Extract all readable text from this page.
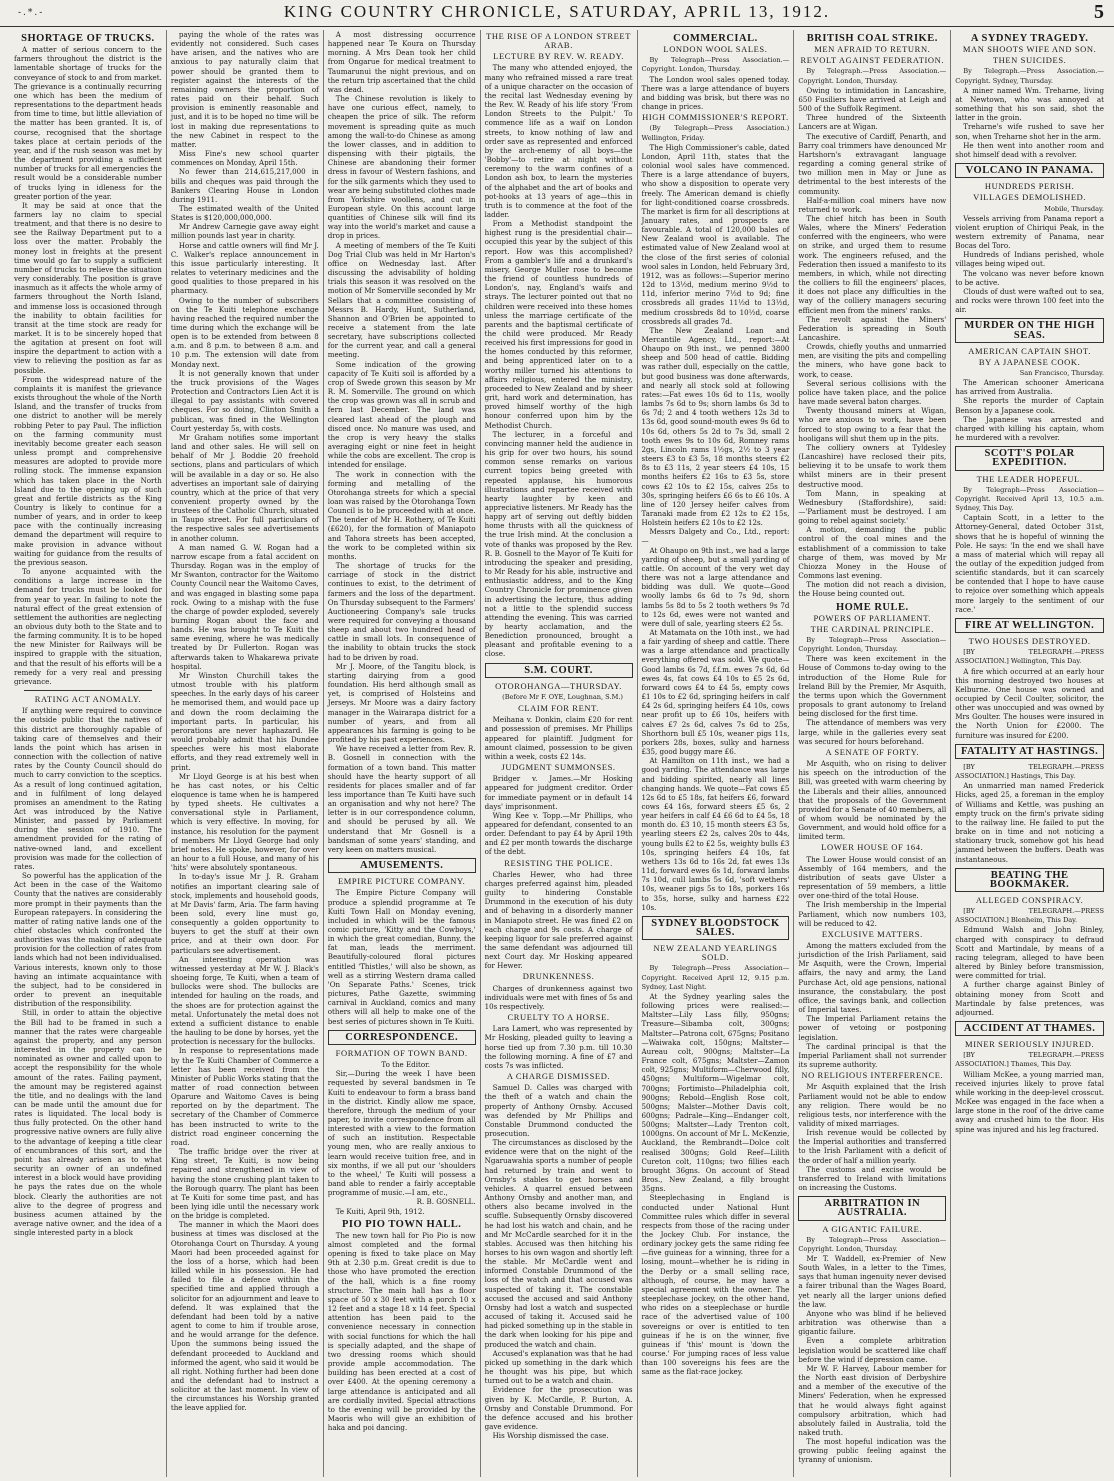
-.*.-	KING COUNTRY CHRONICLE, SATURDAY, APRIL 13, 1912.	5
SHORTAGE OF TRUCKS.

A matter of serious concern to the farmers throughout the district is the lamentable shortage of trucks for the conveyance of stock to and from market. The grievance is a continually recurring one which has been the medium of representations to the department heads from time to time, but little alleviation of the matter has been granted. It is, of course, recognised that the shortage takes place at certain periods of the year, and if the rush season was met by the department providing a sufficient number of trucks for all emergencies the result would be a considerable number of trucks lying in idleness for the greater portion of the year.

It may be said at once that the farmers lay no claim to special treatment, and that there is no desire to see the Railway Department put to a loss over the matter. Probably the money lost in freights at the present time would go far to supply a sufficient number of trucks to relieve the situation very considerably. The position is grave inasmuch as it affects the whole army of farmers throughout the North Island, and immense loss is occasioned through the inability to obtain facilities for transit at the time stock are ready for market. It is to be sincerely hoped that the agitation at present on foot will inspire the department to action with a view to relieving the position as far as possible.

From the widespread nature of the complaints it is manifest the grievance exists throughout the whole of the North Island, and the transfer of trucks from one district to another will be merely robbing Peter to pay Paul. The infliction on the farming community must inevitably become greater each season unless prompt and comprehensive measures are adopted to provide more rolling stock. The immense expansion which has taken place in the North Island due to the opening up of such great and fertile districts as the King Country is likely to continue for a number of years, and in order to keep pace with the continually increasing demand the department will require to make provision in advance without waiting for guidance from the results of the previous season.

To anyone acquainted with the conditions a large increase in the demand for trucks must be looked for from year to year. In failing to note the natural effect of the great extension of settlement the authorities are neglecting an obvious duty both to the State and to the farming community. It is to be hoped the new Minister for Railways will be inspired to grapple with the situation, and that the result of his efforts will be a remedy for a very real and pressing grievance.

RATING ACT ANOMALY.

If anything were required to convince the outside public that the natives of this district are thoroughly capable of taking care of themselves and their lands the point which has arisen in connection with the collection of native rates by the County Council should do much to carry conviction to the sceptics. As a result of long continued agitation, and in fulfilment of long delayed promises an amendment to the Rating Act was introduced by the Native Minister, and passed by Parliament during the session of 1910. The amendment provided for the rating of native-owned land, and excellent provision was made for the collection of rates.

So powerful has the application of the Act been in the case of the Waitomo County that the natives are considerably more prompt in their payments than the European ratepayers. In considering the matter of rating native lands one of the chief obstacles which confronted the authorities was the making of adequate provision for the collection of rates from lands which had not been individualised. Various interests, known only to those having an intimate acquaintance with the subject, had to be considered in order to prevent an inequitable distribution of the responsibility.

Still, in order to attain the objective the Bill had to be framed in such a manner that the rates were chargeable against the property, and any person interested in the property can be nominated as owner and called upon to accept the responsibility for the whole amount of the rates. Failing payment, the amount may be registered against the title, and no dealings with the land can be made until the amount due for rates is liquidated. The local body is thus fully protected. On the other hand progressive native owners are fully alive to the advantage of keeping a title clear of encumbrances of this sort, and the point has already arisen as to what security an owner of an undefined interest in a block would have providing he pays the rates due on the whole block. Clearly the authorities are not alive to the degree of progress and business acumen attained by the average native owner, and the idea of a single interested party in a block

paying the whole of the rates was evidently not considered. Such cases have arisen, and the natives who are anxious to pay naturally claim that power should be granted them to register against the interests of the remaining owners the proportion of rates paid on their behalf. Such provision is eminently reasonable and just, and it is to be hoped no time will be lost in making due representations to the new Cabinet in respect to the matter.

Miss Fine's new school quarter commences on Monday, April 15th.

No fewer than 214,615,217,000 in bills and cheques was paid through the Bankers Clearing House in London during 1911.

The estimated wealth of the United States is $120,000,000,000.

Mr Andrew Carnegie gave away eight million pounds last year in charity.

Horse and cattle owners will find Mr J. C. Walker's replace announcement in this issue particularly interesting. It relates to veterinary medicines and the good qualities to those prepared in his pharmacy.

Owing to the number of subscribers on the Te Kuiti telephone exchange having reached the required number the time during which the exchange will be open is to be extended from between 8 a.m. and 8 p.m. to between 8 a.m. and 10 p.m. The extension will date from Monday next.

It is not generally known that under the truck provisions of the Wages Protection and Contractors Lien Act it is illegal to pay assistants with covered cheques. For so doing, Clinton Smith a publican, was fined in the Wellington Court yesterday 5s, with costs.

Mr Graham notifies some important land and other sales. He will sell on behalf of Mr J. Boddie 20 freehold sections, plans and particulars of which will be available in a day or so. He also advertises an important sale of dairying country, which at the price of that very convenient property owned by the trustees of the Catholic Church, situated in Taupo street. For full particulars of the respective sales see advertisements in another column.

A man named G. W. Rogan had a narrow escape from a fatal accident on Thursday. Rogan was in the employ of Mr Swanton, contractor for the Waitomo County Council near the Waitomo Caves, and was engaged in blasting some papa rock. Owing to a mishap with the fuse the charge of powder exploded, severely burning Rogan about the face and hands. He was brought to Te Kuiti the same evening, where he was medically treated by Dr Fullerton. Rogan was afterwards taken to Whakarewa private hospital.

Mr Winston Churchill takes the utmost trouble with his platform speeches. In the early days of his career he memorised them, and would pace up and down the room declaiming the important parts. In particular, his perorations are never haphazard. He would probably admit that his Dundee speeches were his most elaborate efforts, and they read extremely well in print.

Mr Lloyd George is at his best when he has cast notes, or his Celtic eloquence is tame when he is hampered by typed sheets. He cultivates a conversational style in Parliament, which is very effective. In moving, for instance, his resolution for the payment of members Mr Lloyd George had only brief notes. He spoke, however, for over an hour to a full House, and many of his 'hits' were absolutely spontaneous.

In to-day's issue Mr J. R. Graham notifies an important clearing sale of stock, implements and household goods, at Mr Davis' farm, Aria. The farm having been sold, every line must go, consequently a golden opportunity to buyers to get the stuff at their own price, and at their own door. For particulars see advertisement.

An interesting operation was witnessed yesterday at Mr W. J. Black's shoeing forge, Te Kuiti, when a team of bullocks were shod. The bullocks are intended for hauling on the roads, and the shoes are for protection against the metal. Unfortunately the metal does not extend a sufficient distance to enable the hauling to be done by horses, yet the protection is necessary for the bullocks.

In response to representations made by the Te Kuiti Chamber of Commerce a letter has been received from the Minister of Public Works stating that the matter of road connection between Oparure and Waitomo Caves is being reported on by the department. The secretary of the Chamber of Commerce has been instructed to write to the district road engineer concerning the road.

The traffic bridge over the river at King street, Te Kuiti, is now being repaired and strengthened in view of having the stone crushing plant taken to the Borough quarry. The plant has been at Te Kuiti for some time past, and has been lying idle until the necessary work on the bridge is completed.

The manner in which the Maori does business at times was disclosed at the Otorohanga Court on Thursday. A young Maori had been proceeded against for the loss of a horse, which had been killed while in his possession. He had failed to file a defence within the specified time and applied through a solicitor for an adjournment and leave to defend. It was explained that the defendant had been told by a native agent to come to him if trouble arose, and he would arrange for the defence. Upon the summons being issued the defendant proceeded to Auckland and informed the agent, who said it would be all right. Nothing further had been done and the defendant had to instruct a solicitor at the last moment. In view of the circumstances his Worship granted the leave applied for.

A most distressing occurrence happened near Te Koura on Thursday morning. A Mrs Dean took her child from Ongarue for medical treatment to Taumarunui the night previous, and on the return trip ascertained that the child was dead.

The Chinese revolution is likely to have one curious effect, namely, to cheapen the price of silk. The reform movement is spreading quite as much among the wall-to-do Chinese as among the lower classes, and in addition to dispensing with their pigtails, the Chinese are abandoning their former dress in favour of Western fashions, and for the silk garments which they used to wear are being substituted clothes made from Yorkshire woollens, and cut in European style. On this account large quantities of Chinese silk will find its way into the world's market and cause a drop in prices.

A meeting of members of the Te Kuiti Dog Trial Club was held in Mr Harton's office on Wednesday last. After discussing the advisability of holding trials this season it was resolved on the motion of Mr Somerville seconded by Mr Sellars that a committee consisting of Messrs B. Hardy, Hunt, Sutherland, Shannon and O'Brien be appointed to receive a statement from the late secretary, have subscriptions collected for the current year, and call a general meeting.

Some indication of the growing capacity of Te Kuiti soil is afforded by a crop of Swede grown this season by Mr R. M. Somerville. The ground on which the crop was grown was all in scrub and fern last December. The land was cleared last ahead of the plough and disced once. No manure was used, and the crop is very heavy the stalks averaging eight or nine feet in height while the cobs are excellent. The crop is intended for ensilage.

The work in connection with the forming and metalling of the Otorohanga streets for which a special loan was raised by the Otorohanga Town Council is to be proceeded with at once. The tender of Mr H. Rothery, of Te Kuiti (£620), for the formation of Maniapoto and Tahora streets has been accepted, the work to be completed within six months.

The shortage of trucks for the carriage of stock in the district continues to exist, to the detriment of farmers and the loss of the department. On Thursday subsequent to the Farmers' Auctioneering Company's sale trucks were required for conveying a thousand sheep and about two hundred head of cattle in small lots. In consequence of the inability to obtain trucks the stock had to be driven by road.

Mr J. Moore, of the Tangitu block, is starting dairying from a good foundation. His herd although small as yet, is comprised of Holsteins and Jerseys. Mr Moore was a dairy factory manager in the Wairarapa district for a number of years, and from all appearances his farming is going to be profited by his past experiences.

We have received a letter from Rev. R. B. Gosnell in connection with the formation of a town band. This matter should have the hearty support of all residents for places smaller and of far less importance than Te Kuiti have such an organisation and why not here? The letter is in our correspondence column, and should be perused by all. We understand that Mr Gosnell is a bandsman of some years' standing, and very keen on matters musical.

AMUSEMENTS.
EMPIRE PICTURE COMPANY.

The Empire Picture Company will produce a splendid programme at Te Kuiti Town Hall on Monday evening, included in which will be the famous comic picture, 'Kitty and the Cowboys,' in which the great comedian, Bunny, the fat man, leads the merriment. Beautifully-coloured floral pictures entitled 'Thistles,' will also be shown, as well as a stirring Western drama called 'On Separate Paths.' Scenes, trick pictures, Pathe Gazette, swimming carnival in Auckland, comics and many others will all help to make one of the best series of pictures shown in Te Kuiti.

CORRESPONDENCE.
FORMATION OF TOWN BAND.

To the Editor.

Sir,—During the week I have been requested by several bandsmen in Te Kuiti to endeavour to form a brass band in the district. Kindly allow me space, therefore, through the medium of your paper, to invite correspondence from all interested with a view to the formation of such an institution. Respectable young men, who are really anxious to learn would receive tuition free, and in six months, if we all put our 'shoulders to the wheel,' Te Kuiti will possess a band able to render a fairly acceptable programme of music.—I am, etc.,

R. B. GOSNELL.

Te Kuiti, April 9th, 1912.

PIO PIO TOWN HALL.

The new town hall for Pio Pio is now almost completed and the formal opening is fixed to take place on May 9th at 2.30 p.m. Great credit is due to those who have promoted the erection of the hall, which is a fine roomy structure. The main hall has a floor space of 50 x 30 feet with a porch 10 x 12 feet and a stage 18 x 14 feet. Special attention has been paid to the convenience necessary in connection with social functions for which the hall is specially adapted, and the shape of two dressing rooms which should provide ample accommodation. The building has been erected at a cost of over £400. At the opening ceremony a large attendance is anticipated and all are cordially invited. Special attractions to the evening will be provided by the Maoris who will give an exhibition of haka and poi dancing.

THE RISE OF A LONDON STREET ARAB.
LECTURE BY REV. W. READY.

The many who attended enjoyed, the many who refrained missed a rare treat of a unique character on the occasion of the recital last Wednesday evening by the Rev. W. Ready of his life story 'From London Streets to the Pulpit.' To commence life as a waif on London streets, to know nothing of law and order save as represented and enforced by the arch-enemy of all boys—the 'Bobby'—to retire at night without ceremony to the warm confines of a London ash box, to learn the mysteries of the alphabet and the art of books and pot-hooks at 13 years of age—this in truth is to commence at the foot of the ladder.

From a Methodist standpoint the highest rung is the presidential chair—occupied this year by the subject of this report. How was this accomplished? From a gambler's life and a drunkard's misery, George Muller rose to become the friend of countless hundreds of London's, nay, England's waifs and strays. The lecturer pointed out that no children were received into these homes unless the marriage certificate of the parents and the baptismal certificate of the child were produced. Mr Ready received his first impressions for good in the homes conducted by this reformer, and being apprenticed later on to a worthy miller turned his attentions to affairs religious, entered the ministry, proceeded to New Zealand and by sheer grit, hard work and determination, has proved himself worthy of the high honour conferred upon him by the Methodist Church.

The lecturer, in a forceful and convincing manner held the audience in his grip for over two hours, his sound common sense remarks on various current topics being greeted with repeated applause, his humorous illustrations and repartee received with hearty laughter by keen and appreciative listeners. Mr Ready has the happy art of serving out deftly bidden home thrusts with all the quickness of the true Irish mind. At the conclusion a vote of thanks was proposed by the Rev. R. B. Gosnell to the Mayor of Te Kuiti for introducing the speaker and presiding, to Mr Ready for his able, instructive and enthusiastic address, and to the King Country Chronicle for prominence given in advertising the lecture, thus adding not a little to the splendid success attending the evening. This was carried by hearty acclamation, and the Benediction pronounced, brought a pleasant and profitable evening to a close.

S.M. COURT.
OTOROHANGA—THURSDAY.

(Before Mr F. OYE, Loughnan, S.M.)

CLAIM FOR RENT.

Meihana v. Donkin, claim £20 for rent and possession of premises. Mr Phillips appeared for plaintiff. Judgment for amount claimed, possession to be given within a week, costs £2 14s.

JUDGMENT SUMMONSES.

Bridger v. James.—Mr Hosking appeared for judgment creditor. Order for immediate payment or in default 14 days' imprisonment.

Wing Kee v. Topp.—Mr Phillips, who appeared for defendant, consented to an order. Defendant to pay £4 by April 19th and £2 per month towards the discharge of the debt.

RESISTING THE POLICE.

Charles Hewer, who had three charges preferred against him, pleaded guilty to hindering Constable Drummond in the execution of his duty and of behaving in a disorderly manner in Maniapoto street. He was fined £2 on each charge and 9s costs. A charge of keeping liquor for sale preferred against the same defendant was adjourned till next Court day. Mr Hosking appeared for Hewer.

DRUNKENNESS.

Charges of drunkenness against two individuals were met with fines of 5s and 10s respectively.

CRUELTY TO A HORSE.

Lara Lamert, who was represented by Mr Hosking, pleaded guilty to leaving a horse tied up from 7.30 p.m. till 10.30 the following morning. A fine of £7 and costs 7s was inflicted.

A CHARGE DISMISSED.

Samuel D. Calles was charged with the theft of a watch and chain the property of Anthony Ornsby. Accused was defended by Mr Phillips and Constable Drummond conducted the prosecution.

The circumstances as disclosed by the evidence were that on the night of the Ngaruawahia sports a number of people had returned by train and went to Ornsby's stables to get horses and vehicles. A quarrel ensued between Anthony Ornsby and another man, and others also became involved in the scuffle. Subsequently Ornsby discovered he had lost his watch and chain, and he and Mr McCardle searched for it in the stables. Accused was then hitching his horses to his own wagon and shortly left the stable. Mr McCardle went and informed Constable Drummond of the loss of the watch and that accused was suspected of taking it. The constable accused the accused and said Anthony Ornsby had lost a watch and suspected accused of taking it. Accused said he had picked something up in the stable in the dark when looking for his pipe and produced the watch and chain.

Accused's explanation was that he had picked up something in the dark which he thought was his pipe, but which turned out to be a watch and chain.

Evidence for the prosecution was given by K. McCardle, P. Burton, A. Ornsby and Constable Drummond. For the defence accused and his brother gave evidence.

His Worship dismissed the case.

COMMERCIAL.
LONDON WOOL SALES.

By Telegraph—Press Association.—Copyright. London, Thursday.

The London wool sales opened today. There was a large attendance of buyers and bidding was brisk, but there was no change in prices.

HIGH COMMISSIONER'S REPORT.

(By Telegraph—Press Association.) Wellington, Friday.

The High Commissioner's cable, dated London, April 11th, states that the colonial wool sales have commenced. There is a large attendance of buyers, who show a disposition to operate very freely. The American demand is chiefly for light-conditioned coarse crossbreds. The market is firm for all descriptions at January rates, and prospects are favourable. A total of 120,000 bales of New Zealand wool is available. The estimated value of New Zealand wool at the close of the first series of colonial wool sales in London, held February 3rd, 1912, was as follows:—Superior merino 12d to 13½d, medium merino 9½d to 11d, inferior merino 7½d to 9d; fine crossbreds all grades 11½d to 13½d, medium crossbreds 8d to 10½d, coarse crossbreds all grades 7d.

The New Zealand Loan and Mercantile Agency, Ltd., report:—At Ohaupo on 9th inst., we penned 3800 sheep and 500 head of cattle. Bidding was rather dull, especially on the cattle, but good business was done afterwards, and nearly all stock sold at following rates:—Fat ewes 10s 6d to 11s, woolly lambs 7s 6d to 9s; shorn lambs 6s 3d to 6s 7d; 2 and 4 tooth wethers 12s 3d to 13s 6d, good sound-mouth ewes 9s 6d to 10s 6d, others 5s 2d to 7s 3d, small 2 tooth ewes 9s to 10s 6d, Romney rams 2gs, Lincoln rams 1½gs, 2½ to 3 year steers £3 to £3 5s, 18 months steers £2 8s to £3 11s, 2 year steers £4 10s, 15 months heifers £2 16s to £3 5s, store cows £2 10s to £2 15s, calves 25s to 30s, springing heifers £6 6s to £6 10s. A line of 120 Jersey heifer calves from Taranaki made from £2 12s to £2 15s, Holstein heifers £2 10s to £2 12s.

Messrs Dalgety and Co., Ltd., report:—

At Ohaupo on 9th inst., we had a large yarding of sheep, but a small yarding of cattle. On account of the very wet day there was not a large attendance and bidding was dull. We quote—Good woolly lambs 6s 6d to 7s 9d, shorn lambs 5s 8d to 5s 2 tooth wethers 9s 7d to 12s 6d, ewes were not wanted and were dull of sale, yearling steers £2 5s.

At Matamata on the 10th inst., we had a fair yarding of sheep and cattle. There was a large attendance and practically everything offered was sold. We quote—Good lambs 6s 7d, f.f.m. ewes 7s 6d, 6d ewes 4s, fat cows £4 10s to £5 2s 6d, forward cows £4 to £4 5s, empty cows £1 10s to £2 6d, springing heifers in calf £4 2s 6d, springing heifers £4 10s, cows near profit up to £6 10s, heifers with calves £7 2s 6d, calves 7s 6d to 25s, Shorthorn bull £5 10s, weaner pigs 11s, porkers 28s, boxes, sulky and harness £35, good buggy mare £6.

At Hamilton on 11th inst., we had a good yarding. The attendance was large and bidding spirited, nearly all lines changing hands. We quote—Fat cows £5 12s 6d to £5 18s, fat heifers £6, forward cows £4 16s, forward steers £5 6s, 2 year heifers in calf £4 £6 6d to £4 5s, 18 month do. £3 10, 15 month steers £3 5s, yearling steers £2 2s, calves 20s to 44s, young bulls £2 to £2 5s, weighty bulls £3 10s, springing heifers £4 10s, fat wethers 13s 6d to 16s 2d, fat ewes 13s 11d, forward ewes 6s 1d, forward lambs 7s 10d, cull lambs 5s 6d, 'soft wethers' 10s, weaner pigs 5s to 18s, porkers 16s to 35s, horse, sulky and harness £22 10s.

SYDNEY BLOODSTOCK SALES.
NEW ZEALAND YEARLINGS SOLD.

By Telegraph—Press Association—Copyright. Received April 12, 9.15 p.m. Sydney, Last Night.

At the Sydney yearling sales the following prices were realised:—Maltster—Lily Lass filly, 950gns; Treasure—Sibamba colt, 300gns; Maltster—Patrona colt, 675gns; Positano—Waiwaka colt, 150gns; Maltster—Aureau colt, 900gns; Maltster—La France colt, 675gns; Maltster—Zamon colt, 925gns; Multiform—Cherwood filly, 450gns; Multiform—Wigelmar colt, 700gns; Fortimisto—Philadelphia colt, 900gns; Rebold—English Rose colt, 500gns; Malster—Mother Davis colt, 600gns; Padrale—King—Endanger colt, 500gns; Maltster—Lady Trenton colt, 1000gns. On account of Mr L. McKenzie, Auckland, the Rembrandt—Dolce colt realised 300gns; Gold Reef—Lilith Cureton colt, 110gns; two fillies each brought 36gns. On account of Stead Bros., New Zealand, a filly brought 35gns.

Steeplechasing in England is conducted under National Hunt Committee rules which differ in several respects from those of the racing under the Jockey Club. For instance, the ordinary jockey gets the same riding fee—five guineas for a winning, three for a losing, mount—whether he is riding in the Derby or a small selling race, although, of course, he may have a special agreement with the owner. The steeplechase jockey, on the other hand, who rides on a steeplechase or hurdle race of the advertised value of 100 sovereigns or over is entitled to ten guineas if he is on the winner, five guineas if 'this' mount is 'down the course.' For jumping races of less value than 100 sovereigns his fees are the same as the flat-race jockey.

BRITISH COAL STRIKE.
MEN AFRAID TO RETURN.
REVOLT AGAINST FEDERATION.

By Telegraph.—Press Association.—Copyright. London, Thursday.

Owing to intimidation in Lancashire, 650 Fusiliers have arrived at Leigh and 500 of the Suffolk Regiment.

Three hundred of the Sixteenth Lancers are at Wigan.

The executive of Cardiff, Penarth, and Barry coal trimmers have denounced Mr Hartshorn's extravagant language regarding a coming general strike of two million men in May or June as detrimental to the best interests of the community.

Half-a-million coal miners have now returned to work.

The chief hitch has been in South Wales, where the Miners' Federation conferred with the engineers, who were on strike, and urged them to resume work. The engineers refused, and the Federation then issued a manifesto to its members, in which, while not directing the colliers to fill the engineers' places, it does not place any difficulties in the way of the colliery managers securing efficient men from the miners' ranks.

The revolt against the Miners' Federation is spreading in South Lancashire.

Crowds, chiefly youths and unmarried men, are visiting the pits and compelling the miners, who have gone back to work, to cease.

Several serious collisions with the police have taken place, and the police have made several baton charges.

Twenty thousand miners at Wigan, who are anxious to work, have been forced to stop owing to a fear that the hooligans will shut them up in the pits.

The colliery owners at Tyldesley (Lancashire) have reclosed their pits, believing it to be unsafe to work them whilst miners are in their present destructive mood.

Tom Mann, in speaking at Wednesbury (Staffordshire), said:—'Parliament must be destroyed. I am going to rebel against society.'

A motion, demanding the public control of the coal mines and the establishment of a commission to take charge of them, was moved by Mr Chiozza Money in the House of Commons last evening.

The motion did not reach a division, the House being counted out.

HOME RULE.
POWERS OF PARLIAMENT.
THE CARDINAL PRINCIPLE.

By Telegraph—Press Association—Copyright. London, Thursday.

There was keen excitement in the House of Commons to-day owing to the introduction of the Home Rule for Ireland Bill by the Premier, Mr Asquith, the terms upon which the Government proposals to grant autonomy to Ireland being disclosed for the first time.

The attendance of members was very large, while in the galleries every seat was secured for hours beforehand.

A SENATE OF FORTY.

Mr Asquith, who on rising to deliver his speech on the introduction of the Bill, was greeted with warm cheering by the Liberals and their allies, announced that the proposals of the Government provided for a Senate of 40 members, all of whom would be nominated by the Government, and would hold office for a limited term.

LOWER HOUSE OF 164.

The Lower House would consist of an Assembly of 164 members, and the distribution of seats gave Ulster a representation of 59 members, a little over one-third of the total House.

The Irish membership in the Imperial Parliament, which now numbers 103, will be reduced to 42.

EXCLUSIVE MATTERS.

Among the matters excluded from the jurisdiction of the Irish Parliament, said Mr Asquith, were the Crown, Imperial affairs, the navy and army, the Land Purchase Act, old age pensions, national insurance, the constabulary, the post office, the savings bank, and collection of Imperial taxes.

The Imperial Parliament retains the power of vetoing or postponing legislation.

The cardinal principal is that the Imperial Parliament shall not surrender its supreme authority.

NO RELIGIOUS INTERFERENCE.

Mr Asquith explained that the Irish Parliament would not be able to endow any religion. There would be no religious tests, nor interference with the validity of mixed marriages.

Irish revenue would be collected by the Imperial authorities and transferred to the Irish Parliament with a deficit of the order of half a million yearly.

The customs and excise would be transferred to Ireland with limitations on increasing the Customs.

ARBITRATION IN AUSTRALIA.
A GIGANTIC FAILURE.

By Telegraph—Press Association—Copyright. London, Thursday.

Mr T. Waddell, ex-Premier of New South Wales, in a letter to the Times, says that human ingenuity never devised a fairer tribunal than the Wages Board, yet nearly all the larger unions defied the law.

Anyone who was blind if he believed arbitration was otherwise than a gigantic failure.

Even a complete arbitration legislation would be scattered like chaff before the wind if depression came.

Mr W. F. Harvey, Labour member for the North east division of Derbyshire and a member of the executive of the Miners' Federation, when he expressed that he would always fight against compulsory arbitration, which had absolutely failed in Australia, told the naked truth.

The most hopeful indication was the growing public feeling against the tyranny of unionism.

A SYDNEY TRAGEDY.
MAN SHOOTS WIFE AND SON.
THEN SUICIDES.

By Telegraph.—Press Association.—Copyright. Sydney, Thursday.

A miner named Wm. Treharne, living at Newtown, who was annoyed at something that his son said, shot the latter in the groin.

Treharne's wife rushed to save her son, when Treharne shot her in the arm.

He then went into another room and shot himself dead with a revolver.

VOLCANO IN PANAMA.
HUNDREDS PERISH.
VILLAGES DEMOLISHED.

Mobile, Thursday.

Vessels arriving from Panama report a violent eruption of Chiriqui Peak, in the western extremity of Panama, near Bocas del Toro.

Hundreds of Indians perished, whole villages being wiped out.

The volcano was never before known to be active.

Clouds of dust were wafted out to sea, and rocks were thrown 100 feet into the air.

MURDER ON THE HIGH SEAS.
AMERICAN CAPTAIN SHOT.
BY A JAPANESE COOK.

San Francisco, Thursday.

The American schooner Americana has arrived from Australia.

She reports the murder of Captain Benson by a Japanese cook.

The Japanese was arrested and charged with killing his captain, whom he murdered with a revolver.

SCOTT'S POLAR EXPEDITION.
THE LEADER HOPEFUL.

By Telegraph—Press Association—Copyright. Received April 13, 10.5 a.m. Sydney, This Day.

Captain Scott, in a letter to the Attorney-General, dated October 31st, shows that he is hopeful of winning the Pole. He says: 'In the end we shall have a mass of material which will repay all the outlay of the expedition judged from scientific standards, but it can scarcely be contended that I hope to have cause to rejoice over something which appeals more largely to the sentiment of our race.'

FIRE AT WELLINGTON.
TWO HOUSES DESTROYED.

[BY TELEGRAPH.—PRESS ASSOCIATION.] Wellington, This Day.

A fire which occurred at an early hour this morning destroyed two houses at Kelburne. One house was owned and occupied by Cecil Coulter, solicitor, the other was unoccupied and was owned by Mrs Goulter. The houses were insured in the North Union for £2000. The furniture was insured for £200.

FATALITY AT HASTINGS.

[BY TELEGRAPH.—PRESS ASSOCIATION.] Hastings, This Day.

An unmarried man named Frederick Hicks, aged 25, a foreman in the employ of Williams and Kettle, was pushing an empty truck on the firm's private siding to the railway line. He failed to put the brake on in time and not noticing a stationary truck, somehow got his head jammed between the buffers. Death was instantaneous.

BEATING THE BOOKMAKER.
ALLEGED CONSPIRACY.

[BY TELEGRAPH.—PRESS ASSOCIATION.] Blenheim, This Day.

Edmund Walsh and John Binley, charged with conspiracy to defraud Scott and Martindale, by means of a racing telegram, alleged to have been altered by Binley before transmission, were committed for trial.

A further charge against Binley of obtaining money from Scott and Martindale by false pretences, was adjourned.

ACCIDENT AT THAMES.
MINER SERIOUSLY INJURED.

[BY TELEGRAPH.—PRESS ASSOCIATION.] Thames, This Day.

William McKee, a young married man, received injuries likely to prove fatal while working in the deep-level crosscut. McKee was engaged in the face when a large stone in the roof of the drive came away and crushed him to the floor. His spine was injured and his leg fractured.
